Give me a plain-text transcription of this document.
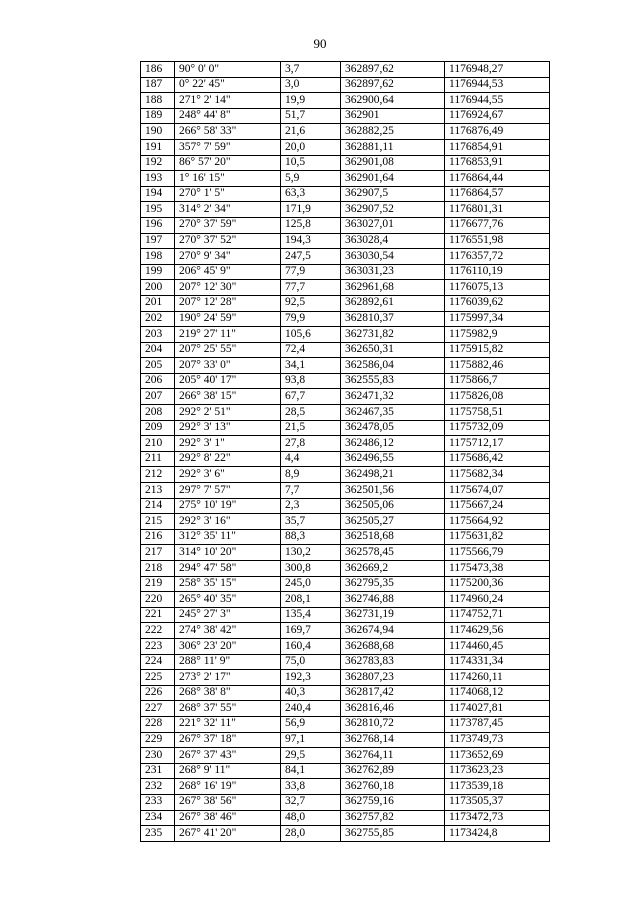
90
186	90° 0' 0"	3,7	362897,62	1176948,27
187	0° 22' 45"	3,0	362897,62	1176944,53
188	271° 2' 14"	19,9	362900,64	1176944,55
189	248° 44' 8"	51,7	362901	1176924,67
190	266° 58' 33"	21,6	362882,25	1176876,49
191	357° 7' 59"	20,0	362881,11	1176854,91
192	86° 57' 20"	10,5	362901,08	1176853,91
193	1° 16' 15"	5,9	362901,64	1176864,44
194	270° 1' 5"	63,3	362907,5	1176864,57
195	314° 2' 34"	171,9	362907,52	1176801,31
196	270° 37' 59"	125,8	363027,01	1176677,76
197	270° 37' 52"	194,3	363028,4	1176551,98
198	270° 9' 34"	247,5	363030,54	1176357,72
199	206° 45' 9"	77,9	363031,23	1176110,19
200	207° 12' 30"	77,7	362961,68	1176075,13
201	207° 12' 28"	92,5	362892,61	1176039,62
202	190° 24' 59"	79,9	362810,37	1175997,34
203	219° 27' 11"	105,6	362731,82	1175982,9
204	207° 25' 55"	72,4	362650,31	1175915,82
205	207° 33' 0"	34,1	362586,04	1175882,46
206	205° 40' 17"	93,8	362555,83	1175866,7
207	266° 38' 15"	67,7	362471,32	1175826,08
208	292° 2' 51"	28,5	362467,35	1175758,51
209	292° 3' 13"	21,5	362478,05	1175732,09
210	292° 3' 1"	27,8	362486,12	1175712,17
211	292° 8' 22"	4,4	362496,55	1175686,42
212	292° 3' 6"	8,9	362498,21	1175682,34
213	297° 7' 57"	7,7	362501,56	1175674,07
214	275° 10' 19"	2,3	362505,06	1175667,24
215	292° 3' 16"	35,7	362505,27	1175664,92
216	312° 35' 11"	88,3	362518,68	1175631,82
217	314° 10' 20"	130,2	362578,45	1175566,79
218	294° 47' 58"	300,8	362669,2	1175473,38
219	258° 35' 15"	245,0	362795,35	1175200,36
220	265° 40' 35"	208,1	362746,88	1174960,24
221	245° 27' 3"	135,4	362731,19	1174752,71
222	274° 38' 42"	169,7	362674,94	1174629,56
223	306° 23' 20"	160,4	362688,68	1174460,45
224	288° 11' 9"	75,0	362783,83	1174331,34
225	273° 2' 17"	192,3	362807,23	1174260,11
226	268° 38' 8"	40,3	362817,42	1174068,12
227	268° 37' 55"	240,4	362816,46	1174027,81
228	221° 32' 11"	56,9	362810,72	1173787,45
229	267° 37' 18"	97,1	362768,14	1173749,73
230	267° 37' 43"	29,5	362764,11	1173652,69
231	268° 9' 11"	84,1	362762,89	1173623,23
232	268° 16' 19"	33,8	362760,18	1173539,18
233	267° 38' 56"	32,7	362759,16	1173505,37
234	267° 38' 46"	48,0	362757,82	1173472,73
235	267° 41' 20"	28,0	362755,85	1173424,8
